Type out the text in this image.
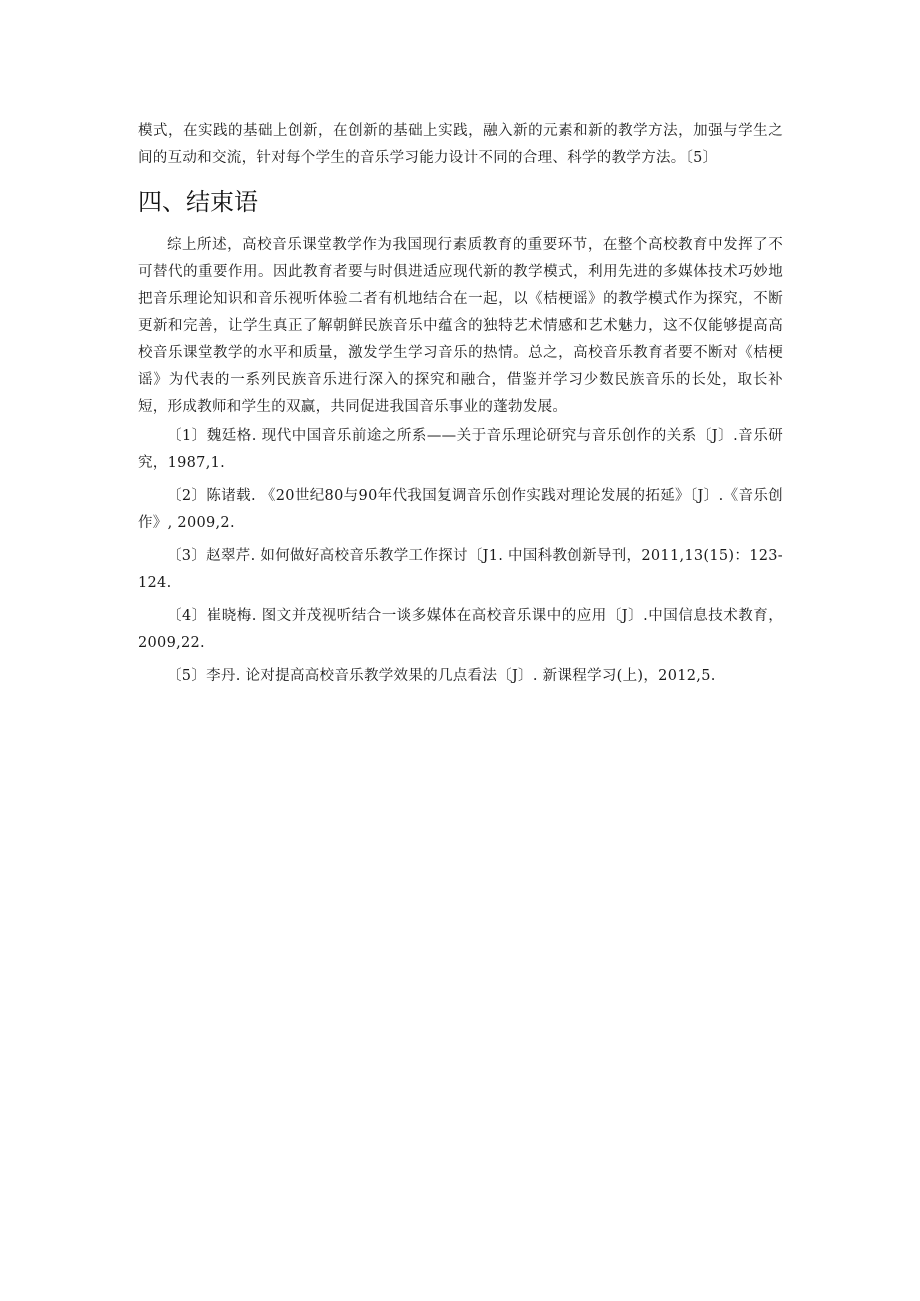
模式，在实践的基础上创新，在创新的基础上实践，融入新的元素和新的教学方法，加强与学生之间的互动和交流，针对每个学生的音乐学习能力设计不同的合理、科学的教学方法。〔5〕

四、结束语

综上所述，高校音乐课堂教学作为我国现行素质教育的重要环节，在整个高校教育中发挥了不可替代的重要作用。因此教育者要与时俱进适应现代新的教学模式，利用先进的多媒体技术巧妙地把音乐理论知识和音乐视听体验二者有机地结合在一起，以《桔梗谣》的教学模式作为探究，不断更新和完善，让学生真正了解朝鲜民族音乐中蕴含的独特艺术情感和艺术魅力，这不仅能够提高高校音乐课堂教学的水平和质量，激发学生学习音乐的热情。总之，高校音乐教育者要不断对《桔梗谣》为代表的一系列民族音乐进行深入的探究和融合，借鉴并学习少数民族音乐的长处，取长补短，形成教师和学生的双赢，共同促进我国音乐事业的蓬勃发展。

〔1〕魏廷格. 现代中国音乐前途之所系——关于音乐理论研究与音乐创作的关系〔J〕.音乐研究，1987,1.

〔2〕陈诸载. 《20世纪80与90年代我国复调音乐创作实践对理论发展的拓延》〔J〕.《音乐创作》, 2009,2.

〔3〕赵翠芹. 如何做好高校音乐教学工作探讨〔J1. 中国科教创新导刊，2011,13(15)：123-124.

〔4〕崔晓梅. 图文并茂视听结合一谈多媒体在高校音乐课中的应用〔J〕.中国信息技术教育，2009,22.

〔5〕李丹. 论对提高高校音乐教学效果的几点看法〔J〕. 新课程学习(上)，2012,5.
